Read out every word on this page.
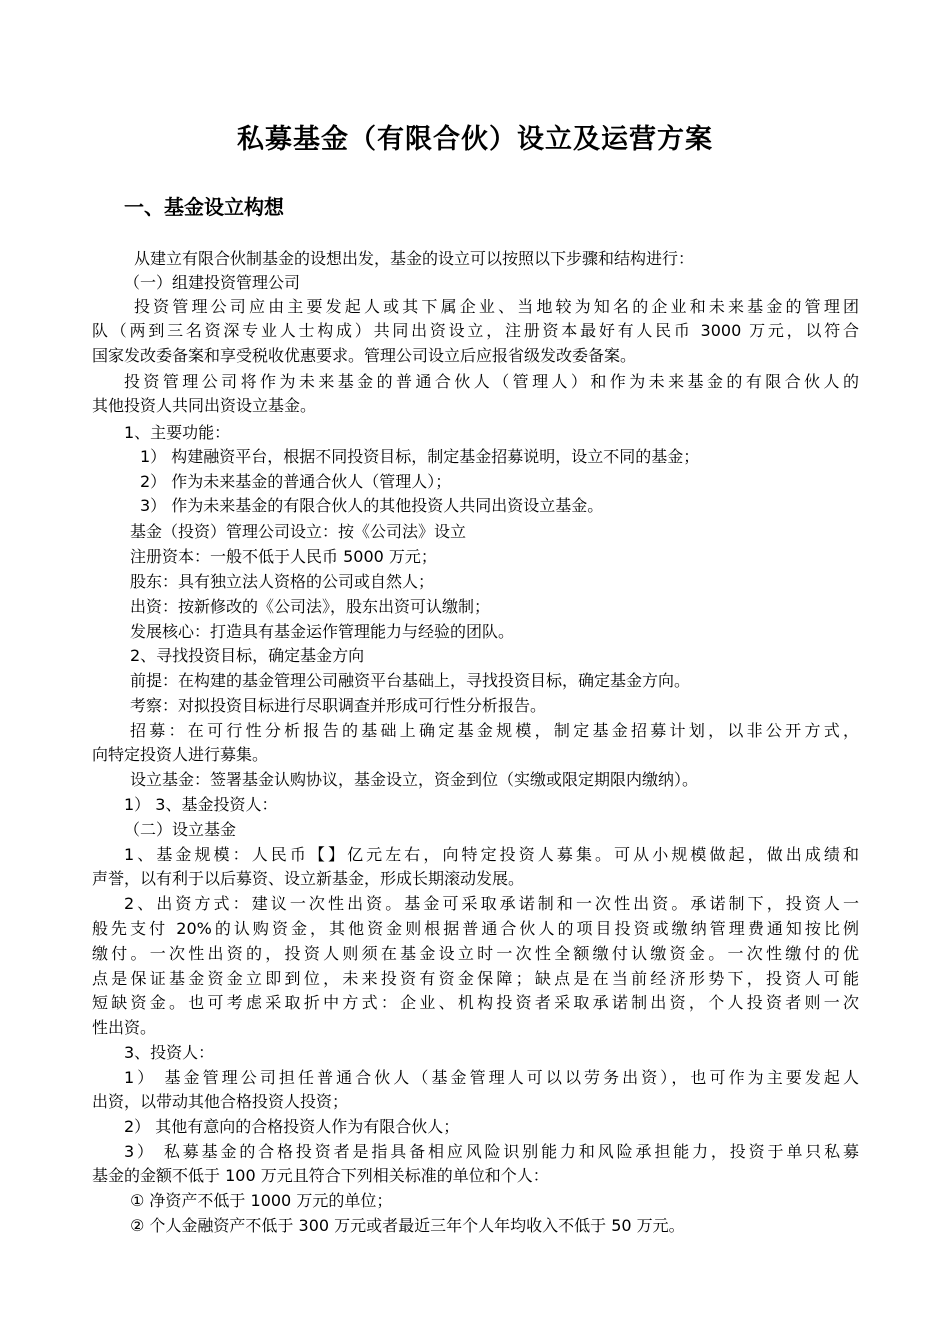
私募基金（有限合伙）设立及运营方案
一、基金设立构想
从建立有限合伙制基金的设想出发，基金的设立可以按照以下步骤和结构进行：
（一）组建投资管理公司
投资管理公司应由主要发起人或其下属企业、当地较为知名的企业和未来基金的管理团
队（两到三名资深专业人士构成）共同出资设立，注册资本最好有人民币 3000 万元，以符合
国家发改委备案和享受税收优惠要求。管理公司设立后应报省级发改委备案。
投资管理公司将作为未来基金的普通合伙人（管理人）和作为未来基金的有限合伙人的
其他投资人共同出资设立基金。
1、主要功能：
1） 构建融资平台，根据不同投资目标，制定基金招募说明，设立不同的基金；
2） 作为未来基金的普通合伙人（管理人）；
3） 作为未来基金的有限合伙人的其他投资人共同出资设立基金。
基金（投资）管理公司设立：按《公司法》设立
注册资本：一般不低于人民币 5000 万元；
股东：具有独立法人资格的公司或自然人；
出资：按新修改的《公司法》，股东出资可认缴制；
发展核心：打造具有基金运作管理能力与经验的团队。
2、寻找投资目标，确定基金方向
前提：在构建的基金管理公司融资平台基础上，寻找投资目标，确定基金方向。
考察：对拟投资目标进行尽职调查并形成可行性分析报告。
招募：在可行性分析报告的基础上确定基金规模，制定基金招募计划，以非公开方式，
向特定投资人进行募集。
设立基金：签署基金认购协议，基金设立，资金到位（实缴或限定期限内缴纳）。
1） 3、基金投资人：
（二）设立基金
1、基金规模：人民币【】亿元左右，向特定投资人募集。可从小规模做起，做出成绩和
声誉，以有利于以后募资、设立新基金，形成长期滚动发展。
2、出资方式：建议一次性出资。基金可采取承诺制和一次性出资。承诺制下，投资人一
般先支付 20%的认购资金，其他资金则根据普通合伙人的项目投资或缴纳管理费通知按比例
缴付。一次性出资的，投资人则须在基金设立时一次性全额缴付认缴资金。一次性缴付的优
点是保证基金资金立即到位，未来投资有资金保障；缺点是在当前经济形势下，投资人可能
短缺资金。也可考虑采取折中方式：企业、机构投资者采取承诺制出资，个人投资者则一次
性出资。
3、投资人：
1） 基金管理公司担任普通合伙人（基金管理人可以以劳务出资），也可作为主要发起人
出资，以带动其他合格投资人投资；
2） 其他有意向的合格投资人作为有限合伙人；
3） 私募基金的合格投资者是指具备相应风险识别能力和风险承担能力，投资于单只私募
基金的金额不低于 100 万元且符合下列相关标准的单位和个人：
① 净资产不低于 1000 万元的单位；
② 个人金融资产不低于 300 万元或者最近三年个人年均收入不低于 50 万元。
